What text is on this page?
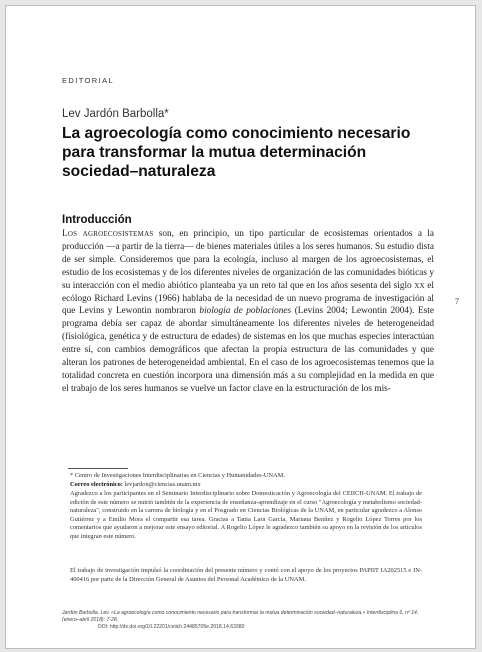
EDITORIAL
Lev Jardón Barbolla*
La agroecología como conocimiento necesario
para transformar la mutua determinación
sociedad–naturaleza
Introducción
Los agroecosistemas son, en principio, un tipo particular de ecosistemas orientados a la producción —a partir de la tierra— de bienes materiales útiles a los seres humanos. Su estudio dista de ser simple. Consideremos que para la ecología, incluso al margen de los agroecosistemas, el estudio de los ecosistemas y de los diferentes niveles de organización de las comunidades bióticas y su interacción con el medio abiótico planteaba ya un reto tal que en los años sesenta del siglo xx el ecólogo Richard Levins (1966) hablaba de la necesidad de un nuevo programa de investigación al que Levins y Lewontin nombraron biología de poblaciones (Levins 2004; Lewontin 2004). Este programa debía ser capaz de abordar simultáneamente los diferentes niveles de heterogeneidad (fisiológica, genética y de estructura de edades) de sistemas en los que muchas especies interactúan entre sí, con cambios demográficos que afectan la propia estructura de las comunidades y que alteran los patrones de heterogeneidad ambiental. En el caso de los agroecosistemas tenemos que la totalidad concreta en cuestión incorpora una dimensión más a su complejidad en la medida en que el trabajo de los seres humanos se vuelve un factor clave en la estructuración de los mis-
7
* Centro de Investigaciones Interdisciplinarias en Ciencias y Humanidades-UNAM.
Correo electrónico: levjardon@ciencias.unam.mx
Agradezco a los participantes en el Seminario Interdisciplinario sobre Domesticación y Agroecología del CEIICH-UNAM. El trabajo de edición de este número se nutrió también de la experiencia de enseñanza-aprendizaje en el curso "Agroecología y metabolismo sociedad-naturaleza", construido en la carrera de biología y en el Posgrado en Ciencias Biológicas de la UNAM, en particular agradezco a Alonso Gutiérrez y a Emilio Mora el compartir esa tarea. Gracias a Tania Lara García, Mariana Benítez y Rogelio López Torres por los comentarios que ayudaron a mejorar este ensayo editorial. A Rogelio López le agradezco también su apoyo en la revisión de los artículos que integran este número.
El trabajo de investigación impulsó la coordinación del presente número y contó con el apoyo de los proyectos PAPIIT IA202515 e IN-400416 por parte de la Dirección General de Asuntos del Personal Académico de la UNAM.
Jardón Barbolla, Lev. «La agroecología como conocimiento necesario para transformar la mutua determinación sociedad–naturaleza.» Interdisciplina 6, nº 14, (enero–abril 2018): 7-28.
DOI: http://dx.doi.org/10.22201/ceiich.24485705e.2018.14.63380
